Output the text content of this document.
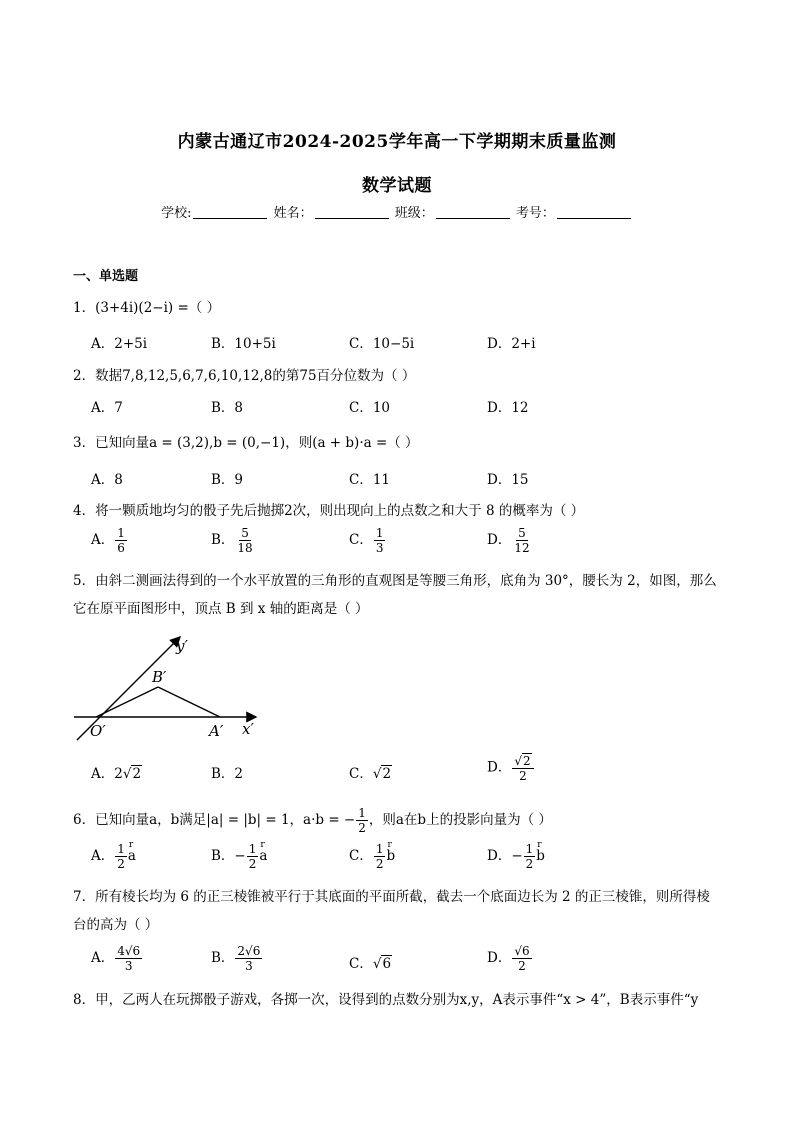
内蒙古通辽市2024-2025学年高一下学期期末质量监测
数学试题
学校:	姓名：	班级：	考号：
一、单选题
1．(3+4i)(2−i) =（ ）
A．2+5i	B．10+5i	C．10−5i	D．2+i
2．数据7,8,12,5,6,7,6,10,12,8的第75百分位数为（ ）
A．7	B．8	C．10	D．12
3．已知向量a = (3,2),b = (0,−1)，则(a + b)·a =（ ）
A．8	B．9	C．11	D．15
4．将一颗质地均匀的骰子先后抛掷2次，则出现向上的点数之和大于 8 的概率为（ ）
A． $\frac{1}{6}$	B． $\frac{5}{18}$	C． $\frac{1}{3}$	D． $\frac{5}{12}$
5．由斜二测画法得到的一个水平放置的三角形的直观图是等腰三角形，底角为 30°，腰长为 2，如图，那么它在原平面图形中，顶点 B 到 x 轴的距离是（ ）
y′
B′
O′	A′ x′
A．2√2	B．2	C．√2	D． $\frac{√2}{2}$
6．已知向量a，b满足|a| = |b| = 1，a·b = − $\frac{1}{2}$ ，则a在b上的投影向量为（ ）
A． $\frac{1}{2}$ r a	B．− $\frac{1}{2}$ r a	C． $\frac{1}{2}$ r b	D．− $\frac{1}{2}$ r b
7．所有棱长均为 6 的正三棱锥被平行于其底面的平面所截，截去一个底面边长为 2 的正三棱锥，则所得棱台的高为（ ）
A． $\frac{4√6}{3}$	B． $\frac{2√6}{3}$	C．√6	D． $\frac{√6}{2}$
8．甲，乙两人在玩掷骰子游戏，各掷一次，设得到的点数分别为x,y，A表示事件“x > 4”，B表示事件“y
